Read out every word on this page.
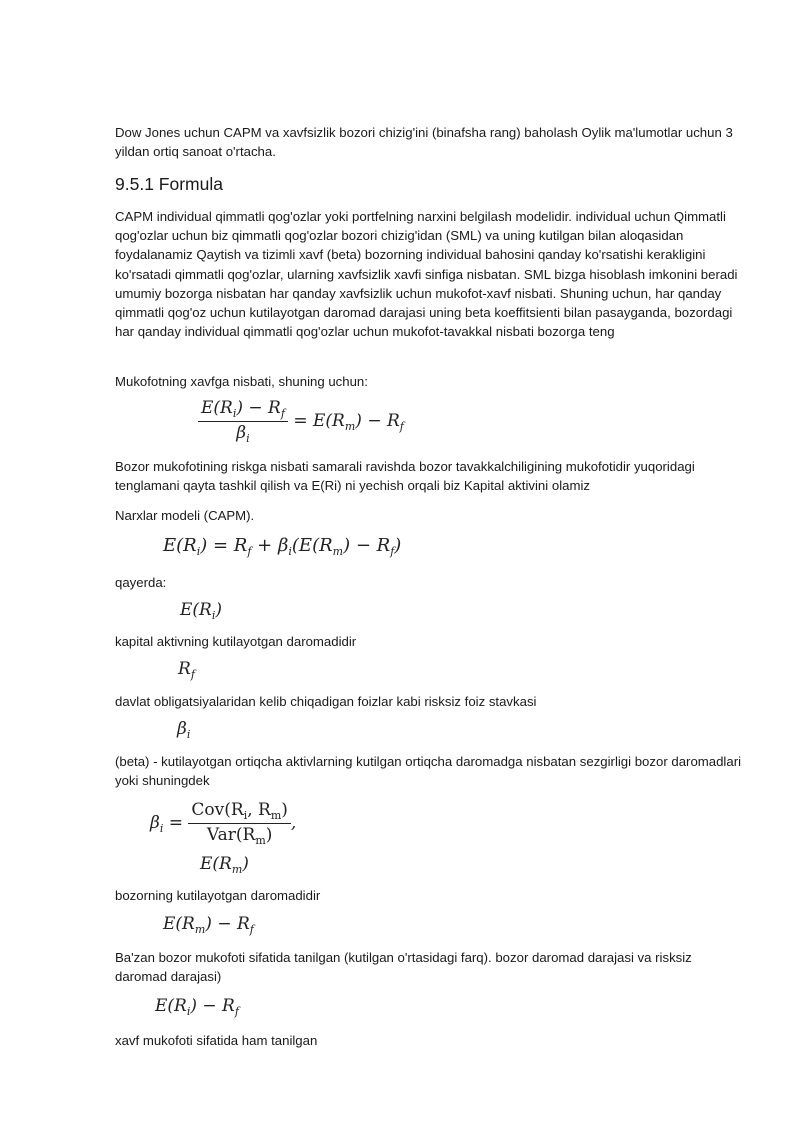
Dow Jones uchun CAPM va xavfsizlik bozori chizig'ini (binafsha rang) baholash Oylik ma'lumotlar uchun 3 yildan ortiq sanoat o'rtacha.

9.5.1 Formula

CAPM individual qimmatli qog'ozlar yoki portfelning narxini belgilash modelidir. individual uchun Qimmatli qog'ozlar uchun biz qimmatli qog'ozlar bozori chizig'idan (SML) va uning kutilgan bilan aloqasidan foydalanamiz Qaytish va tizimli xavf (beta) bozorning individual bahosini qanday ko'rsatishi kerakligini ko'rsatadi qimmatli qog'ozlar, ularning xavfsizlik xavfi sinfiga nisbatan. SML bizga hisoblash imkonini beradi umumiy bozorga nisbatan har qanday xavfsizlik uchun mukofot-xavf nisbati. Shuning uchun, har qanday qimmatli qog'oz uchun kutilayotgan daromad darajasi uning beta koeffitsienti bilan pasayganda, bozordagi har qanday individual qimmatli qog'ozlar uchun mukofot-tavakkal nisbati bozorga teng

Mukofotning xavfga nisbati, shuning uchun:

$\frac{E(R_i) - R_f}{\beta_i} = E(R_m) - R_f$

Bozor mukofotining riskga nisbati samarali ravishda bozor tavakkalchiligining mukofotidir yuqoridagi tenglamani qayta tashkil qilish va E(Ri) ni yechish orqali biz Kapital aktivini olamiz

Narxlar modeli (CAPM).

$E(R_i) = R_f + \beta_i(E(R_m) - R_f)$

qayerda:

$E(R_i)$

kapital aktivning kutilayotgan daromadidir

$R_f$

davlat obligatsiyalaridan kelib chiqadigan foizlar kabi risksiz foiz stavkasi

$\beta_i$

(beta) - kutilayotgan ortiqcha aktivlarning kutilgan ortiqcha daromadga nisbatan sezgirligi bozor daromadlari yoki shuningdek

$\beta_i = \frac{Cov(R_i, R_m)}{Var(R_m)}$ ,
$E(R_m)$

bozorning kutilayotgan daromadidir

$E(R_m) - R_f$

Ba'zan bozor mukofoti sifatida tanilgan (kutilgan o'rtasidagi farq). bozor daromad darajasi va risksiz daromad darajasi)

$E(R_i) - R_f$

xavf mukofoti sifatida ham tanilgan
